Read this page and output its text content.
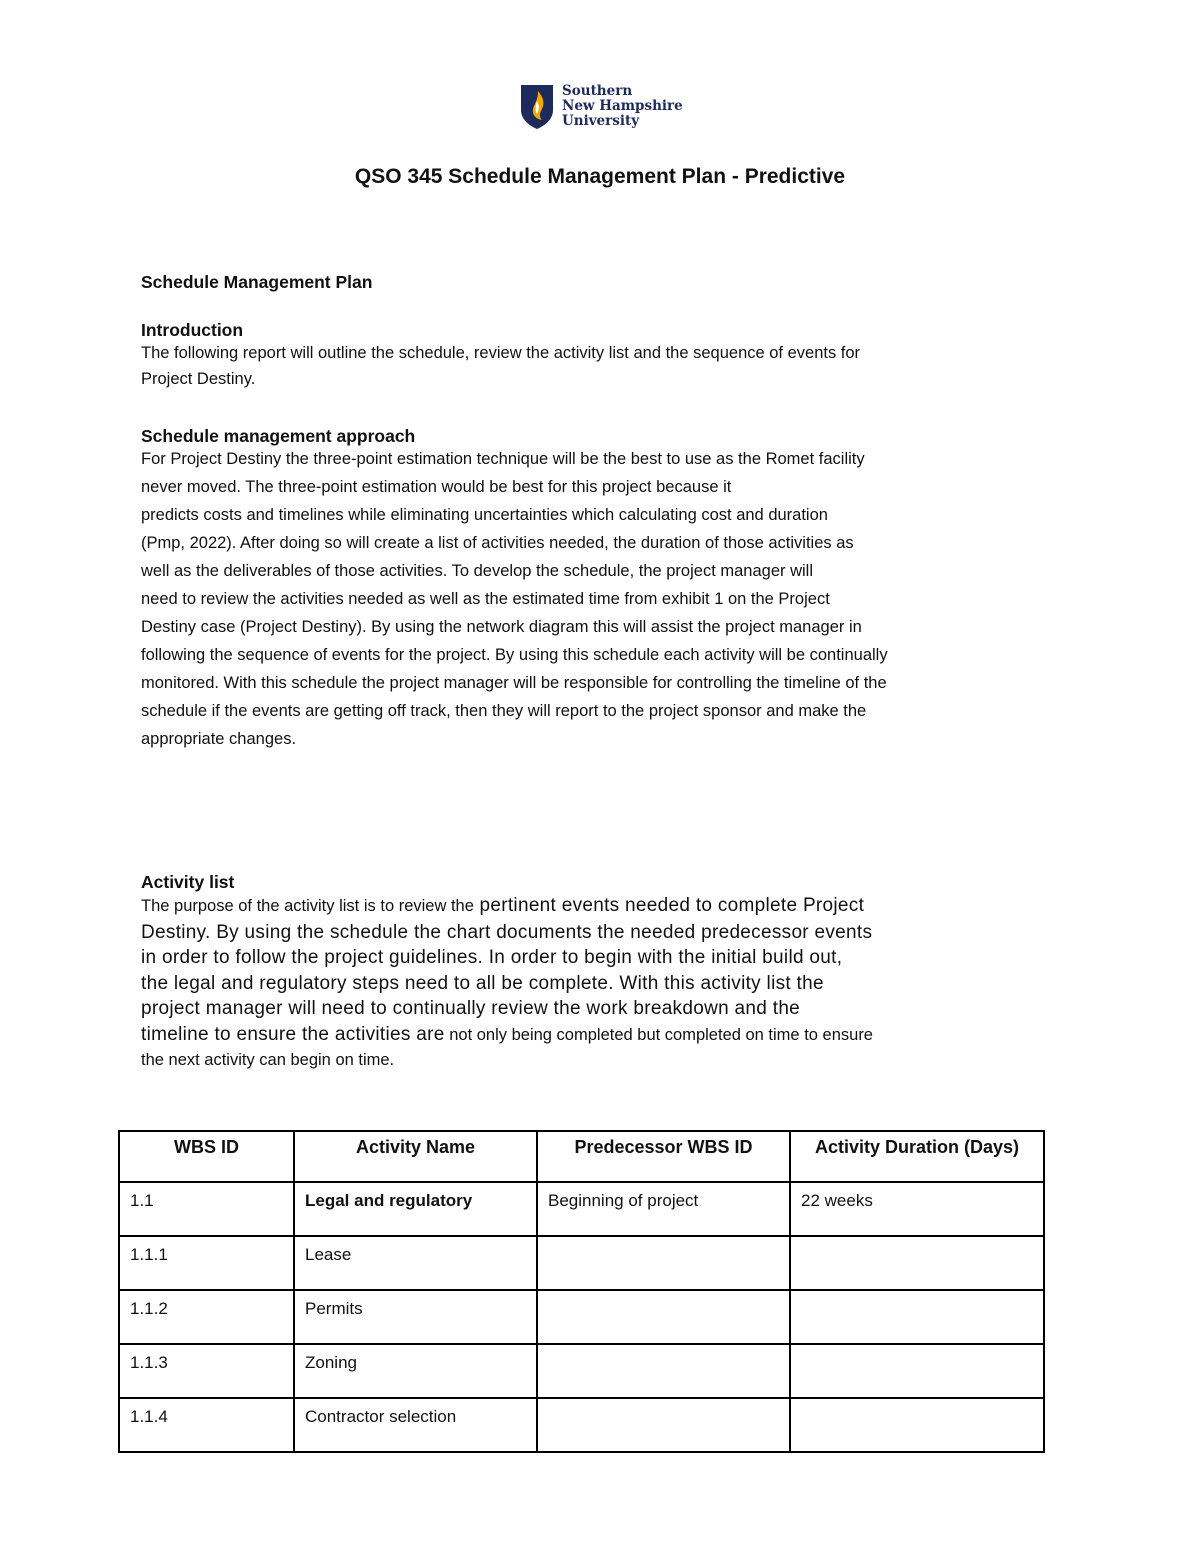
Southern
New Hampshire
University
QSO 345 Schedule Management Plan - Predictive
Schedule Management Plan
Introduction
The following report will outline the schedule, review the activity list and the sequence of events for
Project Destiny.
Schedule management approach
For Project Destiny the three-point estimation technique will be the best to use as the Romet facility
never moved. The three-point estimation would be best for this project because it
predicts costs and timelines while eliminating uncertainties which calculating cost and duration
(Pmp, 2022). After doing so will create a list of activities needed, the duration of those activities as
well as the deliverables of those activities. To develop the schedule, the project manager will
need to review the activities needed as well as the estimated time from exhibit 1 on the Project
Destiny case (Project Destiny). By using the network diagram this will assist the project manager in
following the sequence of events for the project. By using this schedule each activity will be continually
monitored. With this schedule the project manager will be responsible for controlling the timeline of the
schedule if the events are getting off track, then they will report to the project sponsor and make the
appropriate changes.
Activity list
The purpose of the activity list is to review the pertinent events needed to complete Project
Destiny. By using the schedule the chart documents the needed predecessor events
in order to follow the project guidelines. In order to begin with the initial build out,
the legal and regulatory steps need to all be complete. With this activity list the
project manager will need to continually review the work breakdown and the
timeline to ensure the activities are not only being completed but completed on time to ensure
the next activity can begin on time.
WBS ID	Activity Name	Predecessor WBS ID	Activity Duration (Days)
1.1	Legal and regulatory	Beginning of project	22 weeks
1.1.1	Lease		
1.1.2	Permits		
1.1.3	Zoning		
1.1.4	Contractor selection		
